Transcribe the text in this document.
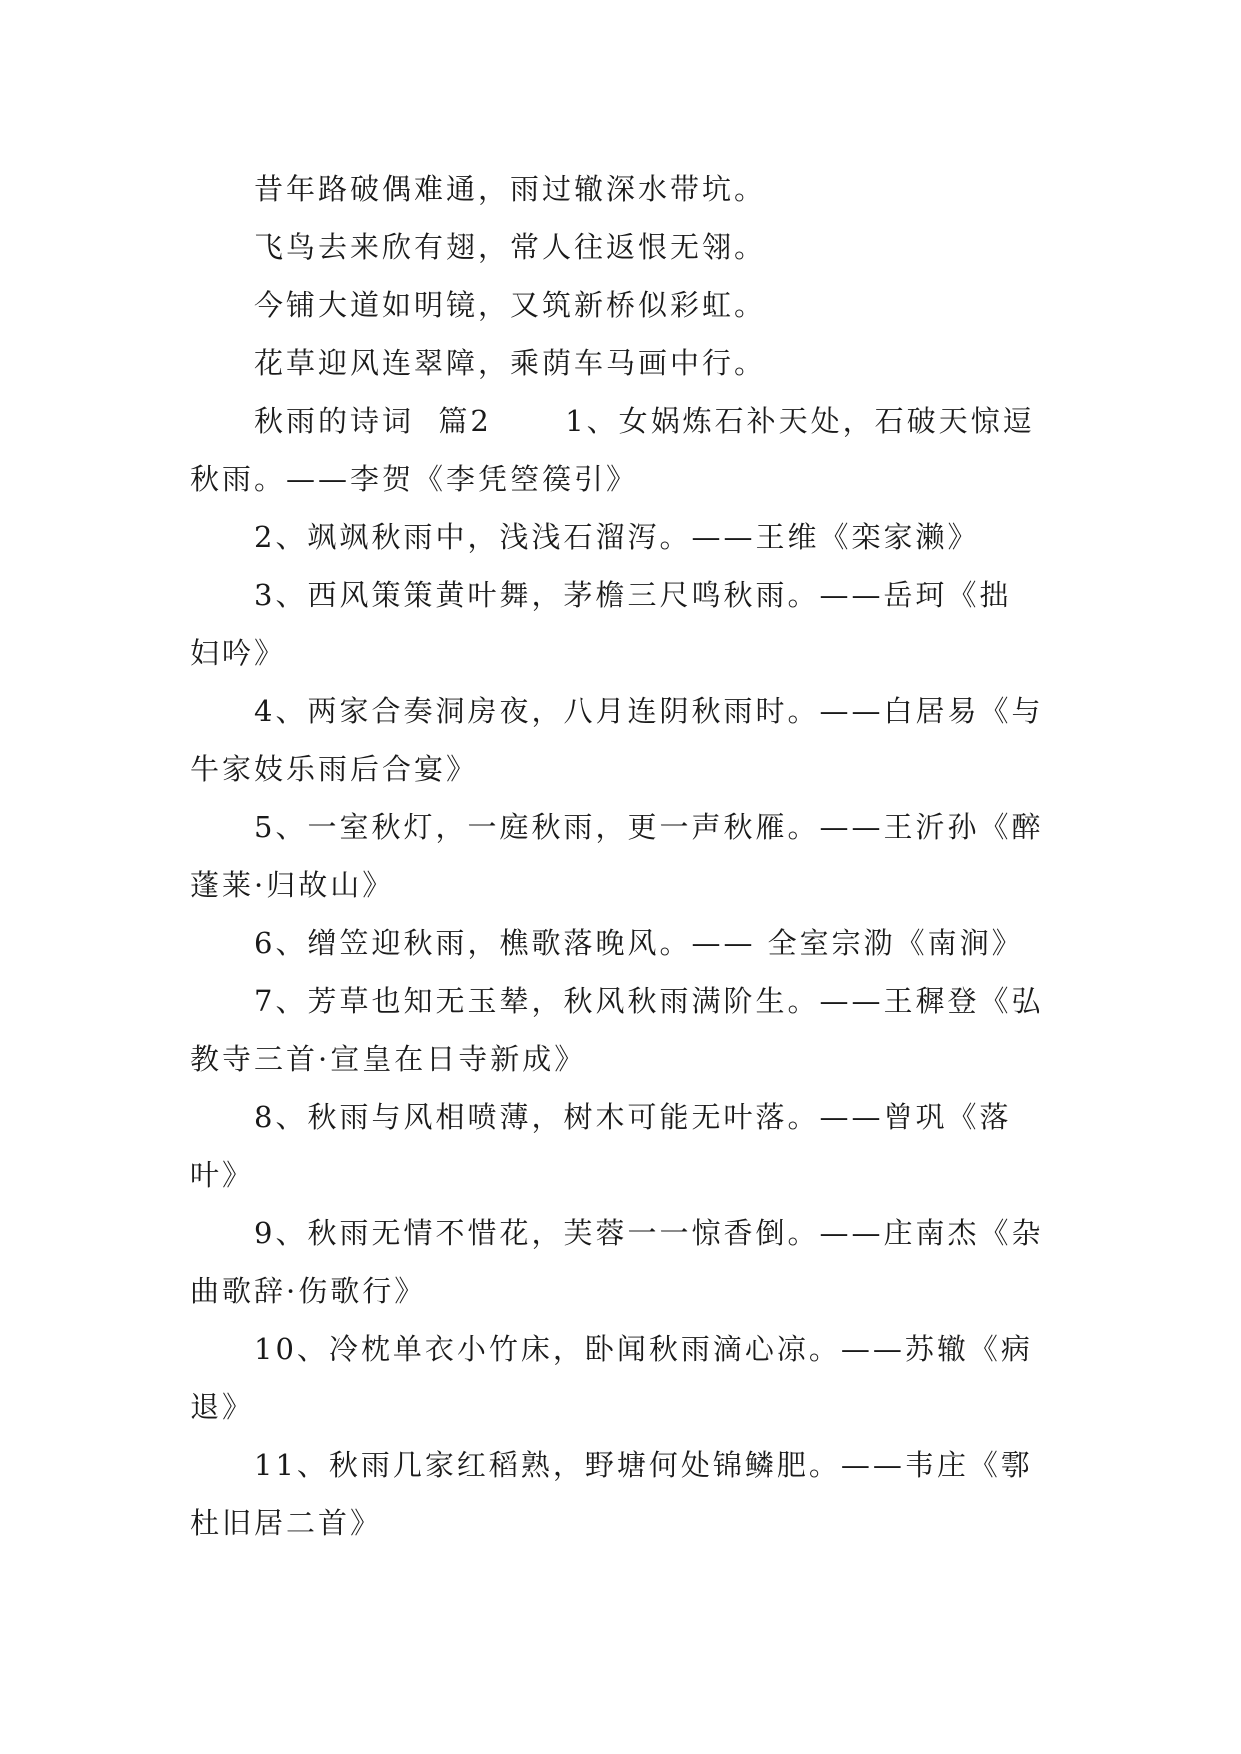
昔年路破偶难通，雨过辙深水带坑。

飞鸟去来欣有翅，常人往返恨无翎。

今铺大道如明镜，又筑新桥似彩虹。

花草迎风连翠障，乘荫车马画中行。

秋雨的诗词  篇2      1、女娲炼石补天处，石破天惊逗

秋雨。——李贺《李凭箜篌引》

2、飒飒秋雨中，浅浅石溜泻。——王维《栾家濑》

3、西风策策黄叶舞，茅檐三尺鸣秋雨。——岳珂《拙

妇吟》

4、两家合奏洞房夜，八月连阴秋雨时。——白居易《与

牛家妓乐雨后合宴》

5、一室秋灯，一庭秋雨，更一声秋雁。——王沂孙《醉

蓬莱·归故山》

6、缯笠迎秋雨，樵歌落晚风。—— 全室宗泐《南涧》

7、芳草也知无玉辇，秋风秋雨满阶生。——王穉登《弘

教寺三首·宣皇在日寺新成》

8、秋雨与风相喷薄，树木可能无叶落。——曾巩《落

叶》

9、秋雨无情不惜花，芙蓉一一惊香倒。——庄南杰《杂

曲歌辞·伤歌行》

10、冷枕单衣小竹床，卧闻秋雨滴心凉。——苏辙《病

退》

11、秋雨几家红稻熟，野塘何处锦鳞肥。——韦庄《鄠

杜旧居二首》
